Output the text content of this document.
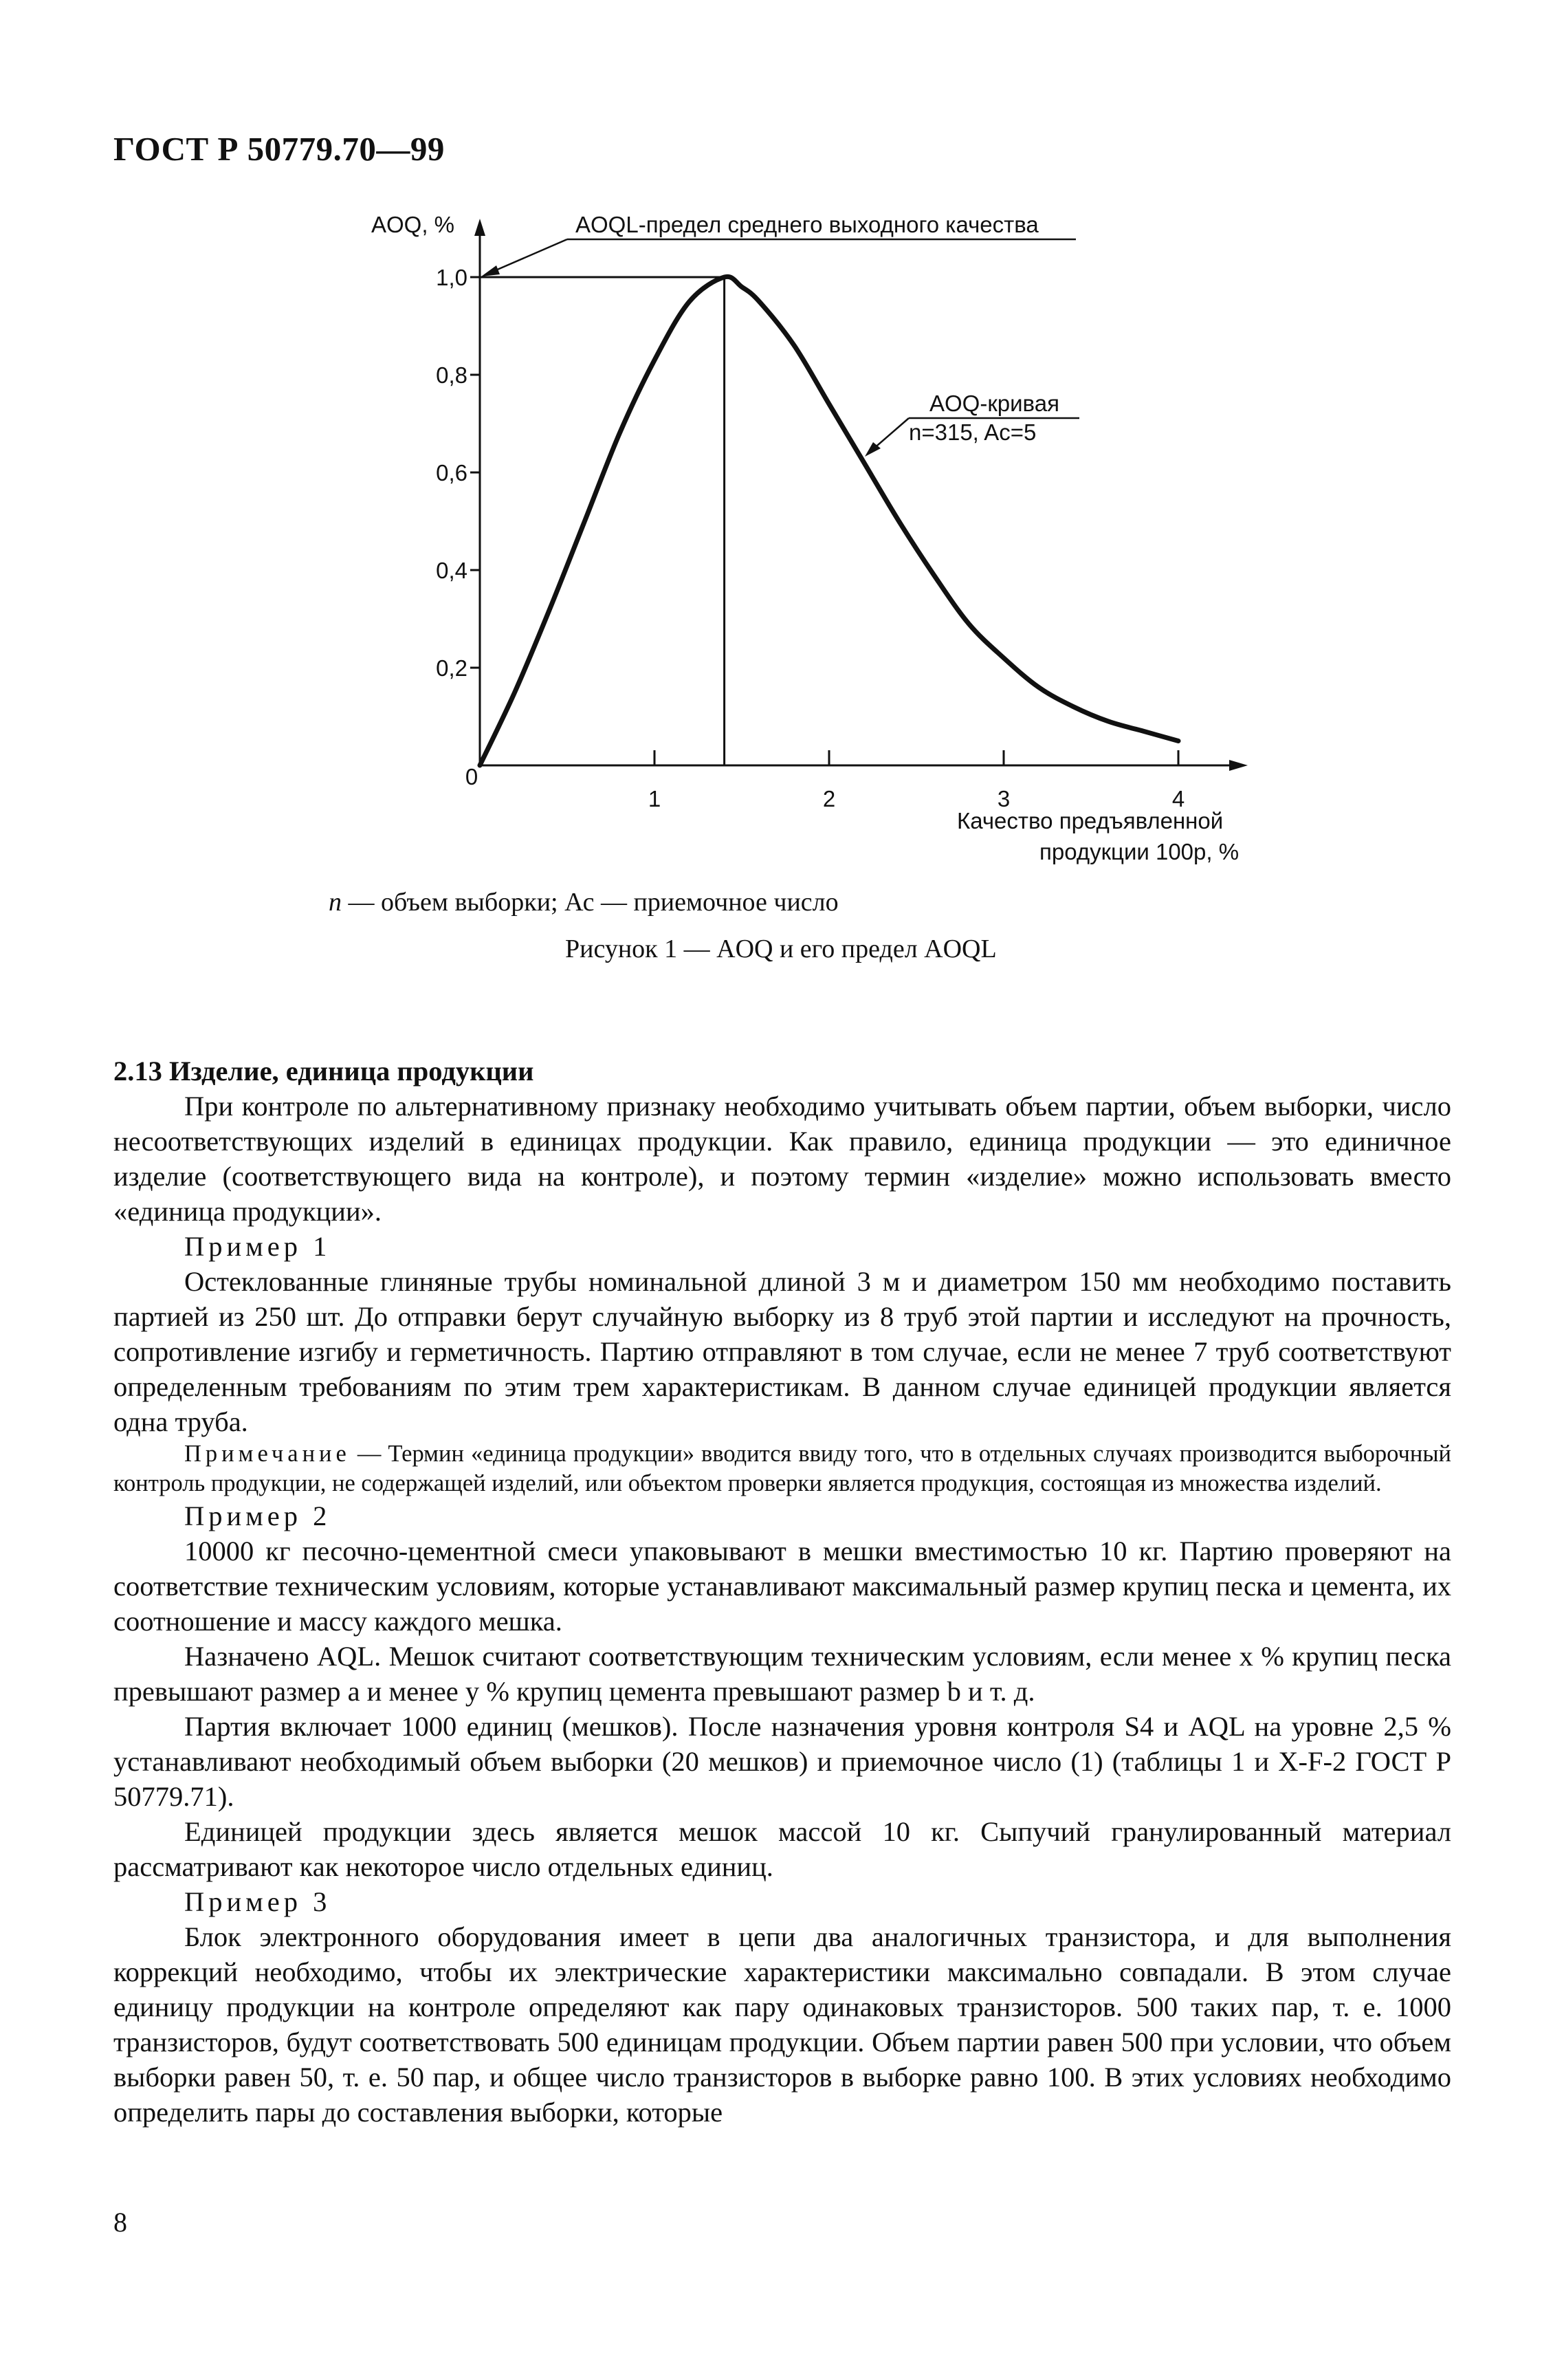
ГОСТ Р 50779.70—99
0
1	2	3	4
0,2
0,4
0,6
0,8
1,0
AOQ, %	AOQL-предел среднего выходного качества
AOQ-кривая
n=315, Ac=5
Качество предъявленной
продукции 100р, %
n — объем выборки; Ас — приемочное число
Рисунок 1 — AOQ и его предел AOQL

2.13 Изделие, единица продукции

При контроле по альтернативному признаку необходимо учитывать объем партии, объем выборки, число несоответствующих изделий в единицах продукции. Как правило, единица продукции — это единичное изделие (соответствующего вида на контроле), и поэтому термин «изделие» можно использовать вместо «единица продукции».

Пример 1

Остеклованные глиняные трубы номинальной длиной 3 м и диаметром 150 мм необходимо поставить партией из 250 шт. До отправки берут случайную выборку из 8 труб этой партии и исследуют на прочность, сопротивление изгибу и герметичность. Партию отправляют в том случае, если не менее 7 труб соответствуют определенным требованиям по этим трем характеристикам. В данном случае единицей продукции является одна труба.

Примечание — Термин «единица продукции» вводится ввиду того, что в отдельных случаях производится выборочный контроль продукции, не содержащей изделий, или объектом проверки является продукция, состоящая из множества изделий.

Пример 2

10000 кг песочно-цементной смеси упаковывают в мешки вместимостью 10 кг. Партию проверяют на соответствие техническим условиям, которые устанавливают максимальный размер крупиц песка и цемента, их соотношение и массу каждого мешка.

Назначено AQL. Мешок считают соответствующим техническим условиям, если менее x % крупиц песка превышают размер a и менее y % крупиц цемента превышают размер b и т. д.

Партия включает 1000 единиц (мешков). После назначения уровня контроля S4 и AQL на уровне 2,5 % устанавливают необходимый объем выборки (20 мешков) и приемочное число (1) (таблицы 1 и X-F-2 ГОСТ Р 50779.71).

Единицей продукции здесь является мешок массой 10 кг. Сыпучий гранулированный материал рассматривают как некоторое число отдельных единиц.

Пример 3

Блок электронного оборудования имеет в цепи два аналогичных транзистора, и для выполнения коррекций необходимо, чтобы их электрические характеристики максимально совпадали. В этом случае единицу продукции на контроле определяют как пару одинаковых транзисторов. 500 таких пар, т. е. 1000 транзисторов, будут соответствовать 500 единицам продукции. Объем партии равен 500 при условии, что объем выборки равен 50, т. е. 50 пар, и общее число транзисторов в выборке равно 100. В этих условиях необходимо определить пары до составления выборки, которые

8
